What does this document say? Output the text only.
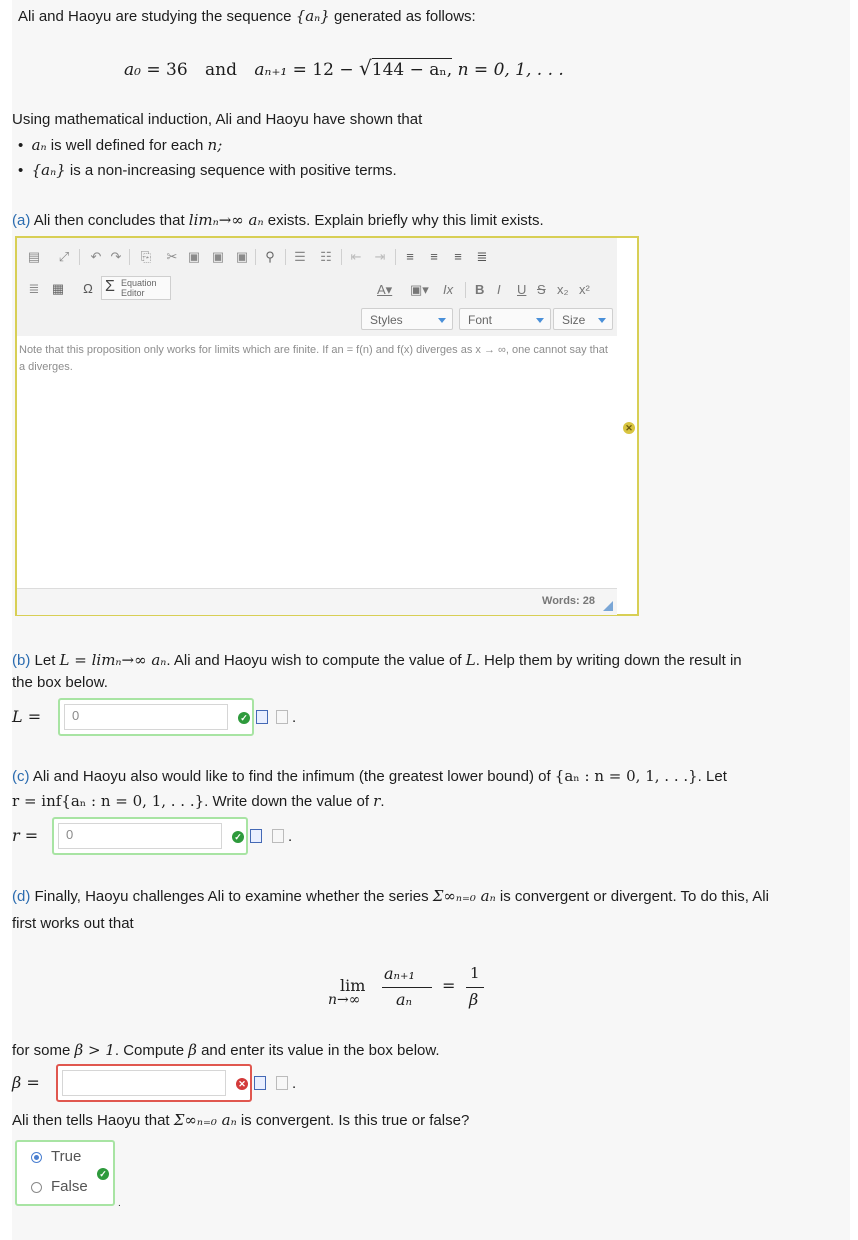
Ali and Haoyu are studying the sequence {aₙ} generated as follows:
a₀ = 36 and aₙ₊₁ = 12 − √144 − aₙ, n = 0, 1, . . .
Using mathematical induction, Ali and Haoyu have shown that
•  aₙ is well defined for each n;
•  {aₙ} is a non-increasing sequence with positive terms.
(a) Ali then concludes that limₙ→∞ aₙ exists. Explain briefly why this limit exists.
▤ ⤢ ↶ ↷ ⎘ ✂ ▣ ▣ ▣ ⚲ ☰ ☷ ⇤ ⇥ ≡ ≡ ≡ ≣
≣ ▦ Ω Σ Equation
Editor	A▾ ▣▾ Ix B I U S x₂ x²
Styles	Font	Size
Note that this proposition only works for limits which are finite. If an = f(n) and f(x) diverges as x → ∞, one cannot say that a diverges.
Words: 28
✕
(b) Let L = limₙ→∞ aₙ. Ali and Haoyu wish to compute the value of L. Help them by writing down the result in
the box below.
L =	0	✓	.
(c) Ali and Haoyu also would like to find the infimum (the greatest lower bound) of {aₙ : n = 0, 1, . . .}. Let
r = inf{aₙ : n = 0, 1, . . .}. Write down the value of r.
r =	0	✓	.
(d) Finally, Haoyu challenges Ali to examine whether the series Σ∞ₙ₌₀ aₙ is convergent or divergent. To do this, Ali
first works out that
lim
n→∞
aₙ₊₁
aₙ
=
1
β
for some β > 1. Compute β and enter its value in the box below.
β =	✕	.
Ali then tells Haoyu that Σ∞ₙ₌₀ aₙ is convergent. Is this true or false?
True
False
✓
.
